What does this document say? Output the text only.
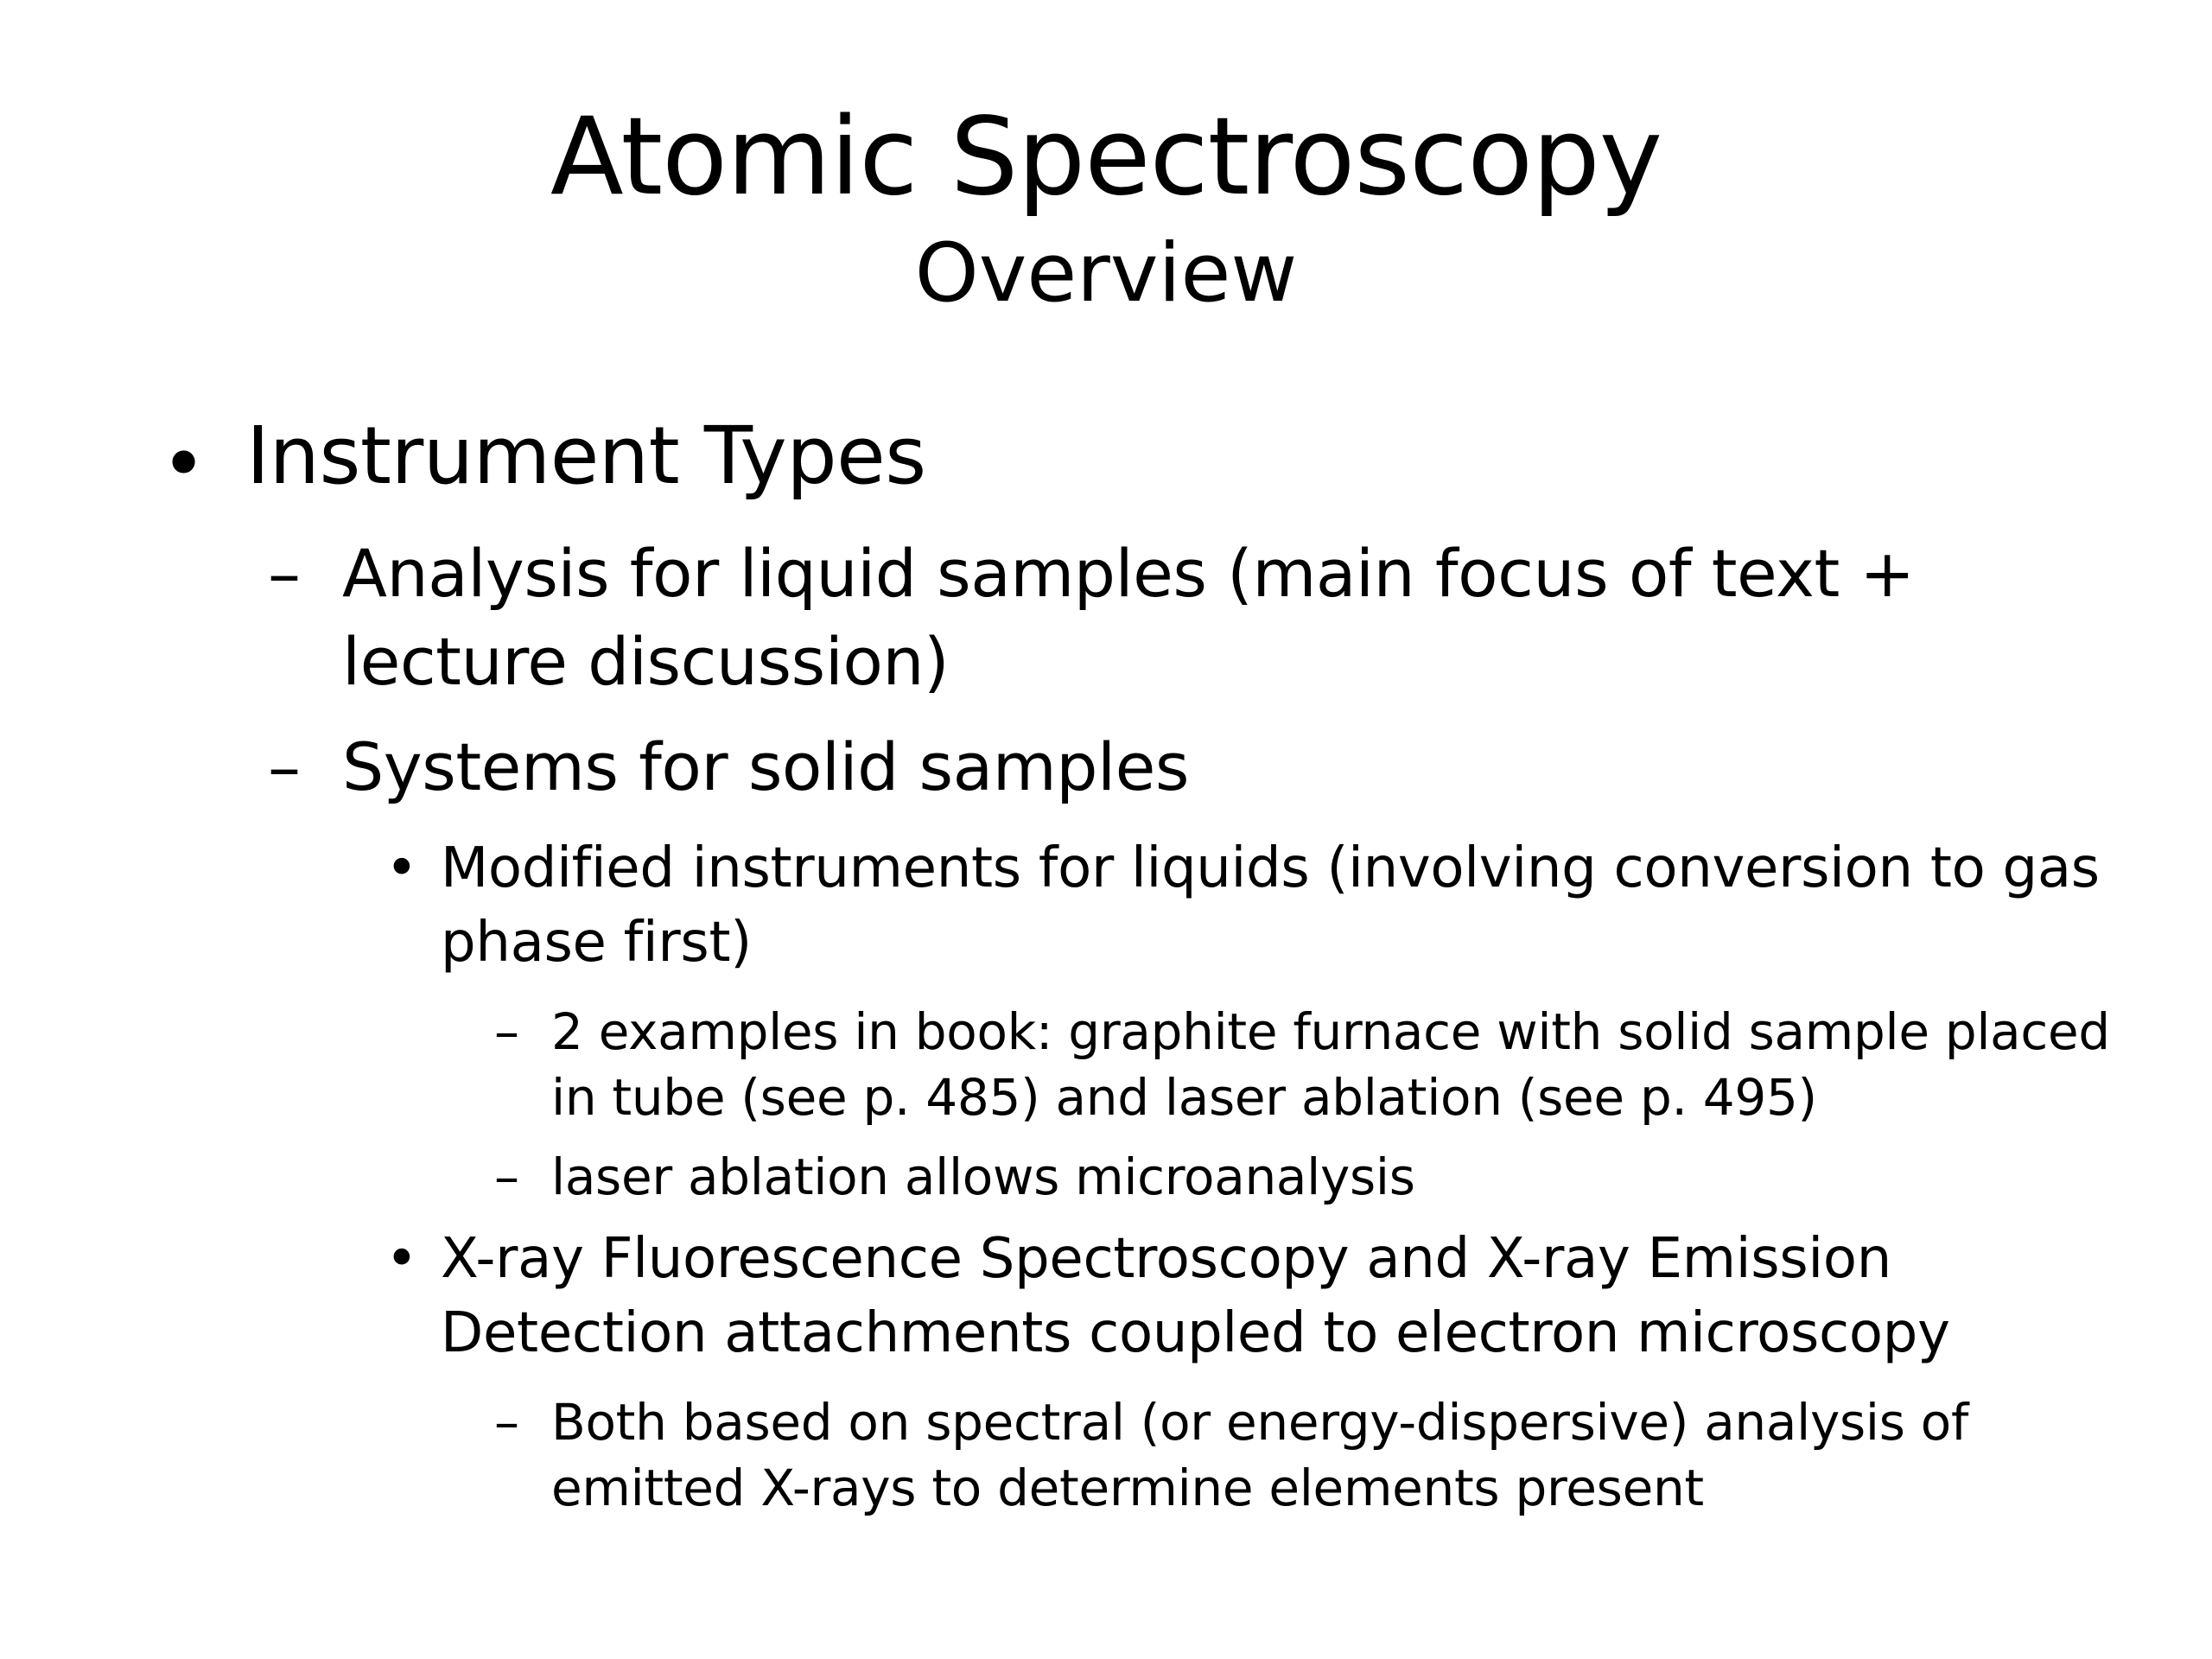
Atomic Spectroscopy
Overview
• Instrument Types
– Analysis for liquid samples (main focus of text +
lecture discussion)
– Systems for solid samples
• Modified instruments for liquids (involving conversion to gas
phase first)
– 2 examples in book: graphite furnace with solid sample placed
in tube (see p. 485) and laser ablation (see p. 495)
– laser ablation allows microanalysis
• X-ray Fluorescence Spectroscopy and X-ray Emission
Detection attachments coupled to electron microscopy
– Both based on spectral (or energy-dispersive) analysis of
emitted X-rays to determine elements present
